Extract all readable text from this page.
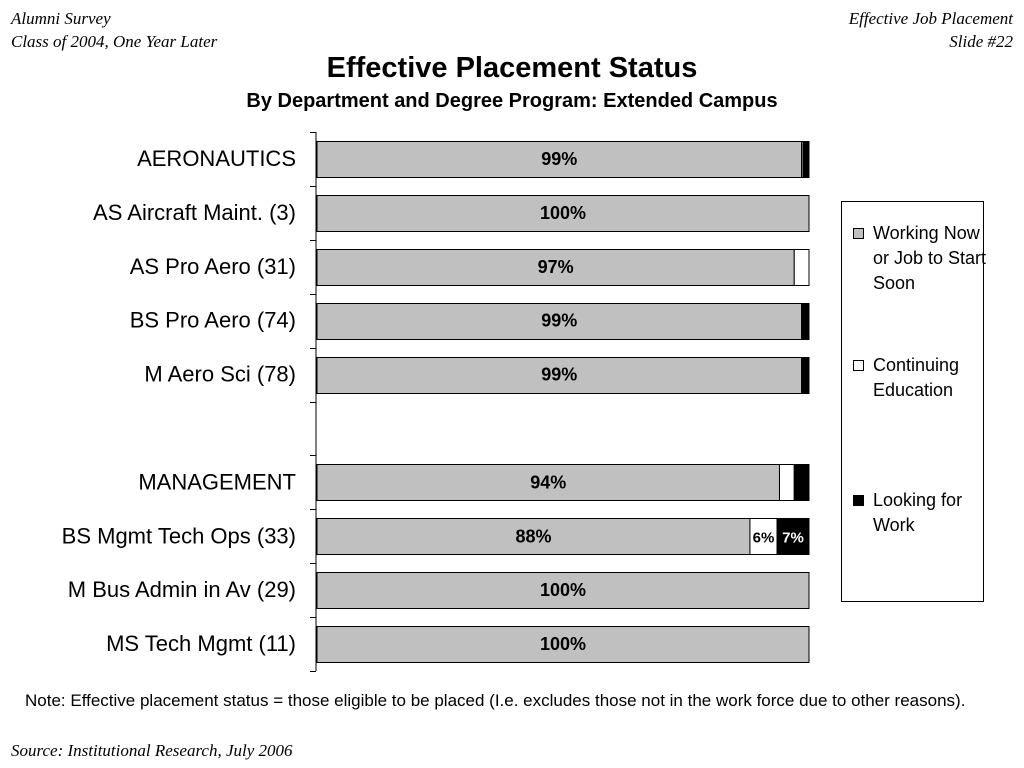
Alumni Survey
Class of 2004, One Year Later
Effective Job Placement
Slide #22
Effective Placement Status
By Department and Degree Program: Extended Campus
AERONAUTICS	99%
AS Aircraft Maint. (3)	100%
AS Pro Aero (31)	97%
BS Pro Aero (74)	99%
M Aero Sci (78)	99%
MANAGEMENT	94%
BS Mgmt Tech Ops (33)	88%	6% 7%
M Bus Admin in Av (29)	100%
MS Tech Mgmt (11)	100%
Working Now or Job to Start Soon
Continuing Education
Looking for Work
Note: Effective placement status = those eligible to be placed (I.e. excludes those not in the work force due to other reasons).
Source: Institutional Research, July 2006
